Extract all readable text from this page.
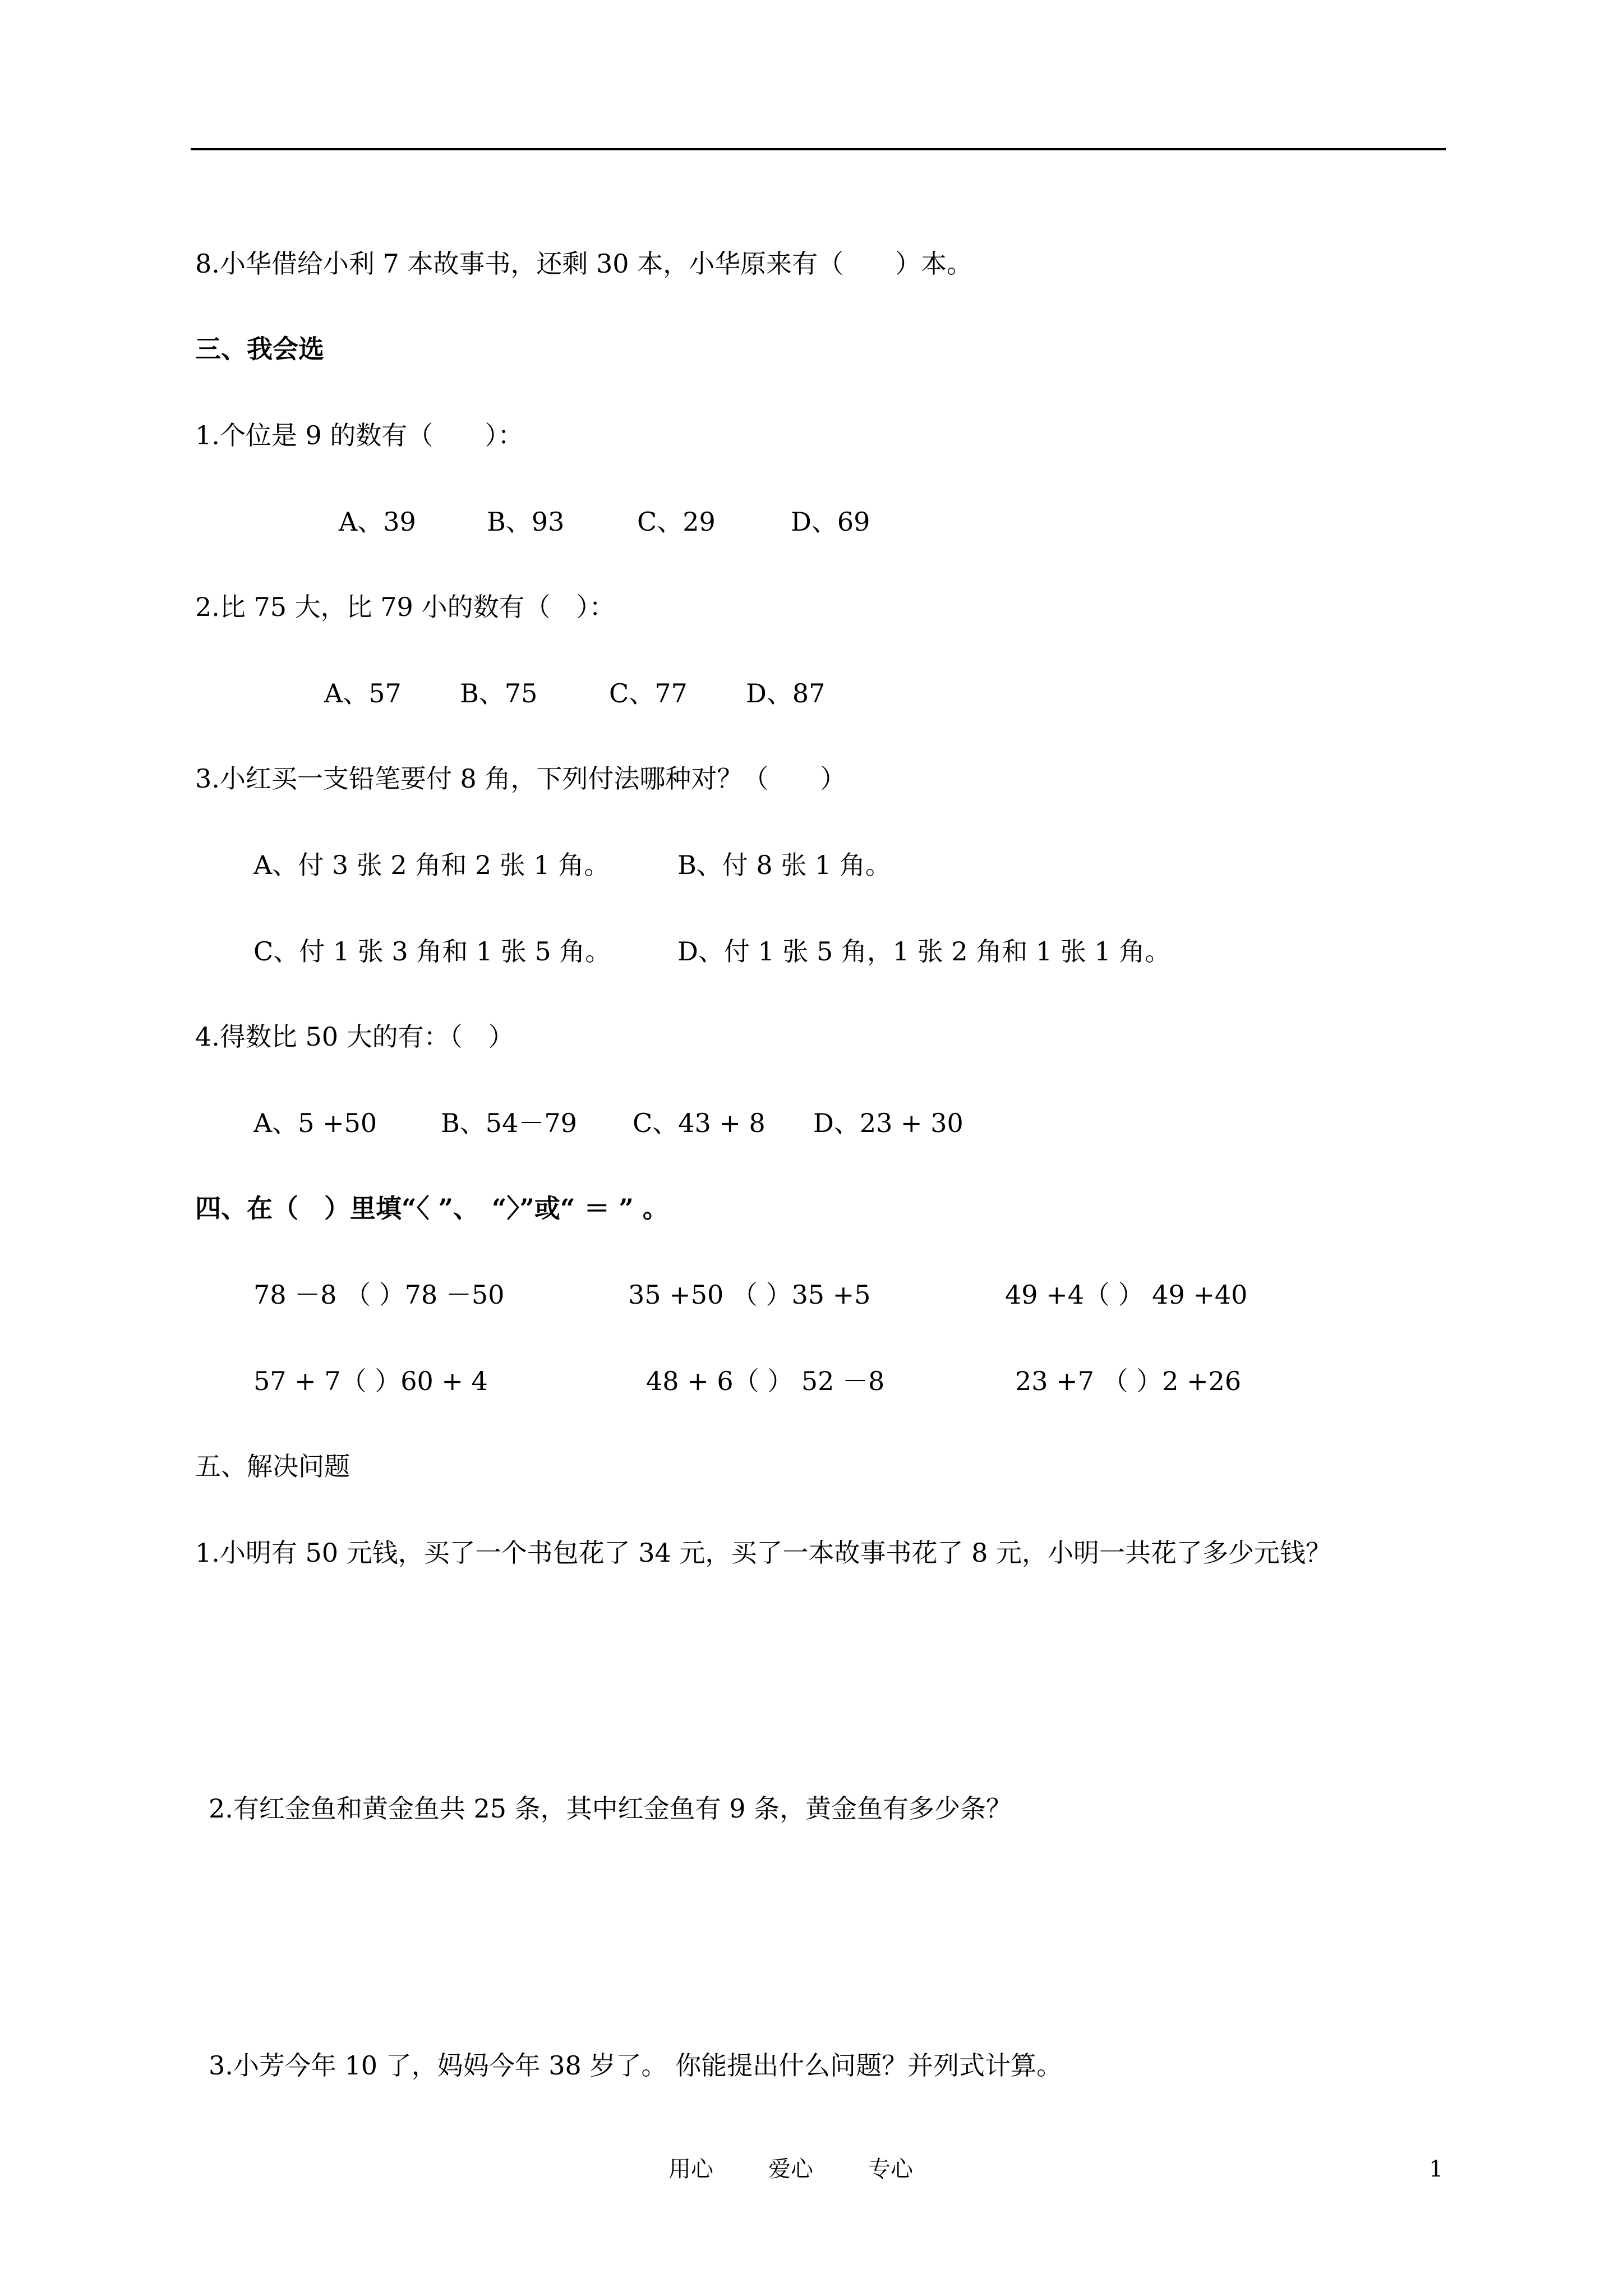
8.小华借给小利 7 本故事书，还剩 30 本，小华原来有（　　）本。
三、我会选
1.个位是 9 的数有（　　）：
A、39	B、93	C、29	D、69
2.比 75 大，比 79 小的数有（　）：
A、57 B、75	C、77 D、87
3.小红买一支铅笔要付 8 角，下列付法哪种对？（　　）
A、付 3 张 2 角和 2 张 1 角。	B、付 8 张 1 角。
C、付 1 张 3 角和 1 张 5 角。	D、付 1 张 5 角，1 张 2 角和 1 张 1 角。
4.得数比 50 大的有：（　）
A、5 +50 B、54－79 C、43 + 8 D、23 + 30
四、在（　）里填“〈 ”、　“〉”或“ ＝ ” 。
78 －8 （ ）78 －50	35 +50 （ ）35 +5	49 +4（ ） 49 +40
57 + 7（ ）60 + 4	48 + 6（ ） 52 －8	23 +7 （ ）2 +26
五、解决问题
1.小明有 50 元钱，买了一个书包花了 34 元，买了一本故事书花了 8 元，小明一共花了多少元钱？
2.有红金鱼和黄金鱼共 25 条，其中红金鱼有 9 条，黄金鱼有多少条？
3.小芳今年 10 了，妈妈今年 38 岁了。 你能提出什么问题？并列式计算。
用心 爱心 专心	1
